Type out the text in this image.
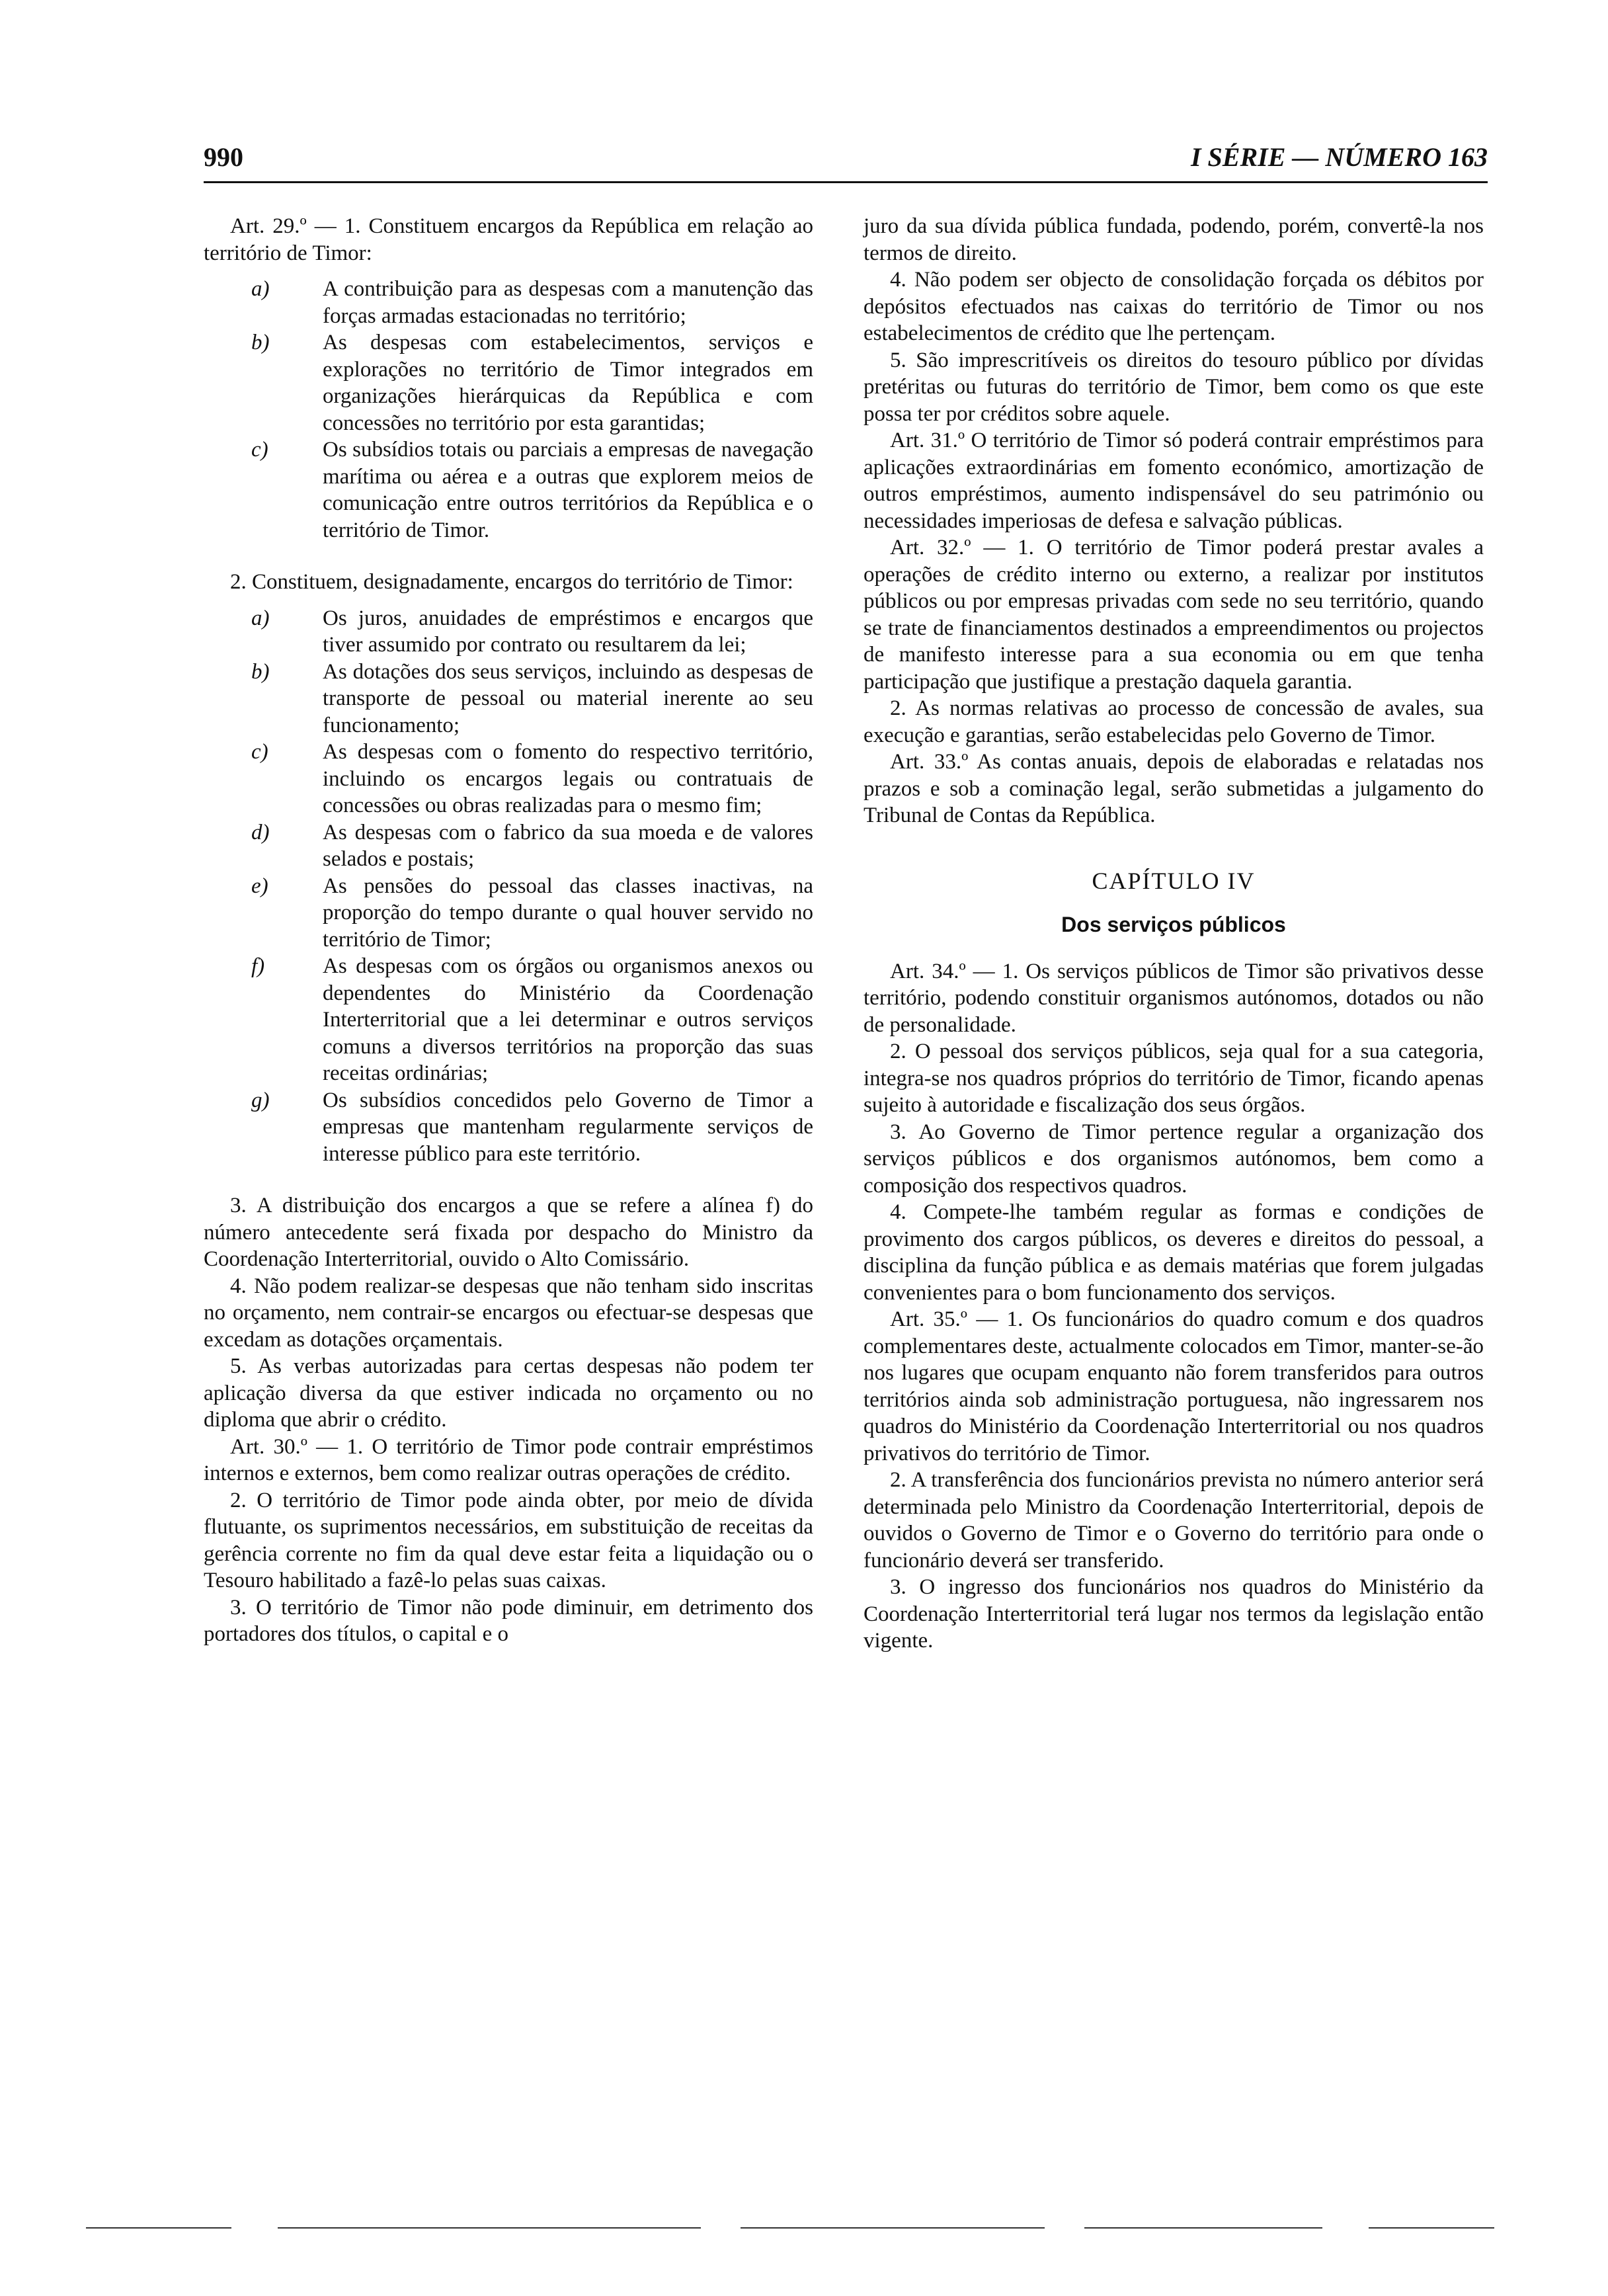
990	I SÉRIE — NÚMERO 163

Art. 29.º — 1. Constituem encargos da República em relação ao território de Timor:

a) A contribuição para as despesas com a manutenção das forças armadas estacionadas no território;

b) As despesas com estabelecimentos, serviços e explorações no território de Timor integrados em organizações hierárquicas da República e com concessões no território por esta garantidas;

c) Os subsídios totais ou parciais a empresas de navegação marítima ou aérea e a outras que explorem meios de comunicação entre outros territórios da República e o território de Timor.

2. Constituem, designadamente, encargos do território de Timor:

a) Os juros, anuidades de empréstimos e encargos que tiver assumido por contrato ou resultarem da lei;

b) As dotações dos seus serviços, incluindo as despesas de transporte de pessoal ou material inerente ao seu funcionamento;

c) As despesas com o fomento do respectivo território, incluindo os encargos legais ou contratuais de concessões ou obras realizadas para o mesmo fim;

d) As despesas com o fabrico da sua moeda e de valores selados e postais;

e) As pensões do pessoal das classes inactivas, na proporção do tempo durante o qual houver servido no território de Timor;

f)	As despesas com os órgãos ou organismos anexos ou dependentes do Ministério da Coordenação Interterritorial que a lei determinar e outros serviços comuns a diversos territórios na proporção das suas receitas ordinárias;

g) Os subsídios concedidos pelo Governo de Timor a empresas que mantenham regularmente serviços de interesse público para este território.

3. A distribuição dos encargos a que se refere a alínea f) do número antecedente será fixada por despacho do Ministro da Coordenação Interterritorial, ouvido o Alto Comissário.

4. Não podem realizar-se despesas que não tenham sido inscritas no orçamento, nem contrair-se encargos ou efectuar-se despesas que excedam as dotações orçamentais.

5. As verbas autorizadas para certas despesas não podem ter aplicação diversa da que estiver indicada no orçamento ou no diploma que abrir o crédito.

Art. 30.º — 1. O território de Timor pode contrair empréstimos internos e externos, bem como realizar outras operações de crédito.

2. O território de Timor pode ainda obter, por meio de dívida flutuante, os suprimentos necessários, em substituição de receitas da gerência corrente no fim da qual deve estar feita a liquidação ou o Tesouro habilitado a fazê-lo pelas suas caixas.

3. O território de Timor não pode diminuir, em detrimento dos portadores dos títulos, o capital e o

juro da sua dívida pública fundada, podendo, porém, convertê-la nos termos de direito.

4. Não podem ser objecto de consolidação forçada os débitos por depósitos efectuados nas caixas do território de Timor ou nos estabelecimentos de crédito que lhe pertençam.

5. São imprescritíveis os direitos do tesouro público por dívidas pretéritas ou futuras do território de Timor, bem como os que este possa ter por créditos sobre aquele.

Art. 31.º O território de Timor só poderá contrair empréstimos para aplicações extraordinárias em fomento económico, amortização de outros empréstimos, aumento indispensável do seu património ou necessidades imperiosas de defesa e salvação públicas.

Art. 32.º — 1. O território de Timor poderá prestar avales a operações de crédito interno ou externo, a realizar por institutos públicos ou por empresas privadas com sede no seu território, quando se trate de financiamentos destinados a empreendimentos ou projectos de manifesto interesse para a sua economia ou em que tenha participação que justifique a prestação daquela garantia.

2. As normas relativas ao processo de concessão de avales, sua execução e garantias, serão estabelecidas pelo Governo de Timor.

Art. 33.º As contas anuais, depois de elaboradas e relatadas nos prazos e sob a cominação legal, serão submetidas a julgamento do Tribunal de Contas da República.

CAPÍTULO IV
Dos serviços públicos

Art. 34.º — 1. Os serviços públicos de Timor são privativos desse território, podendo constituir organismos autónomos, dotados ou não de personalidade.

2. O pessoal dos serviços públicos, seja qual for a sua categoria, integra-se nos quadros próprios do território de Timor, ficando apenas sujeito à autoridade e fiscalização dos seus órgãos.

3. Ao Governo de Timor pertence regular a organização dos serviços públicos e dos organismos autónomos, bem como a composição dos respectivos quadros.

4. Compete-lhe também regular as formas e condições de provimento dos cargos públicos, os deveres e direitos do pessoal, a disciplina da função pública e as demais matérias que forem julgadas convenientes para o bom funcionamento dos serviços.

Art. 35.º — 1. Os funcionários do quadro comum e dos quadros complementares deste, actualmente colocados em Timor, manter-se-ão nos lugares que ocupam enquanto não forem transferidos para outros territórios ainda sob administração portuguesa, não ingressarem nos quadros do Ministério da Coordenação Interterritorial ou nos quadros privativos do território de Timor.

2. A transferência dos funcionários prevista no número anterior será determinada pelo Ministro da Coordenação Interterritorial, depois de ouvidos o Governo de Timor e o Governo do território para onde o funcionário deverá ser transferido.

3. O ingresso dos funcionários nos quadros do Ministério da Coordenação Interterritorial terá lugar nos termos da legislação então vigente.
